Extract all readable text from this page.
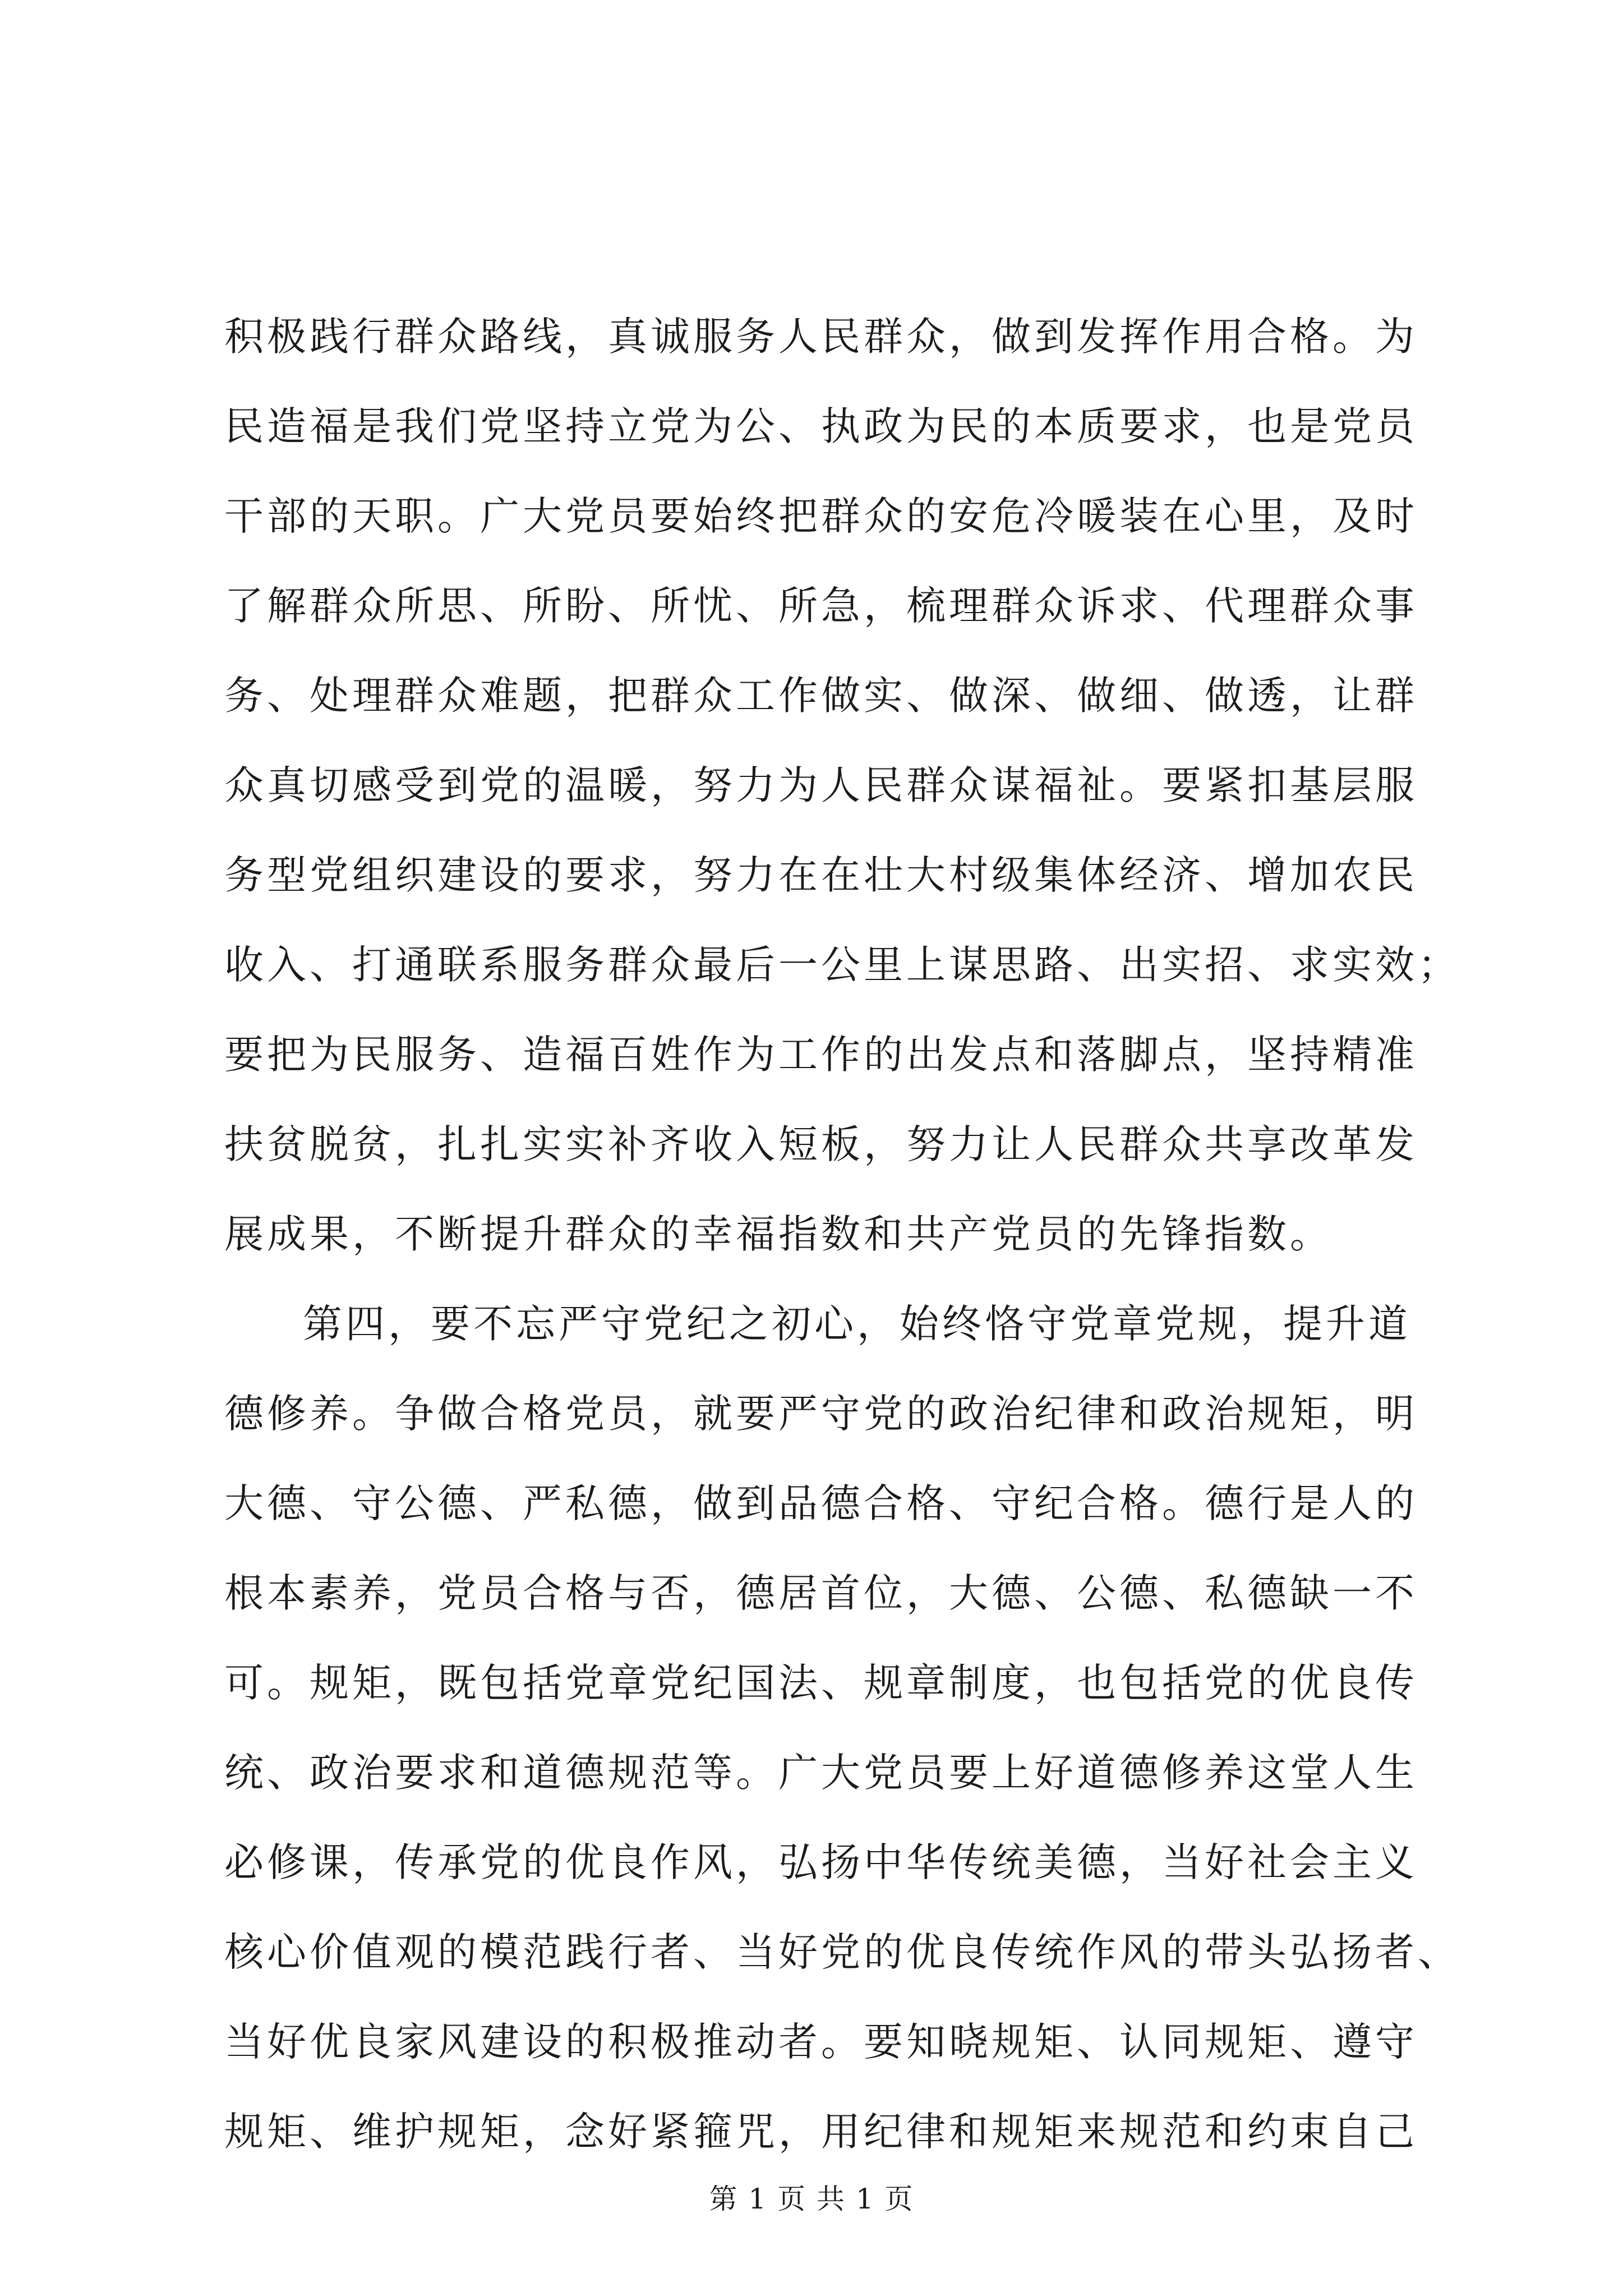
积极践行群众路线，真诚服务人民群众，做到发挥作用合格。为
民造福是我们党坚持立党为公、执政为民的本质要求，也是党员
干部的天职。广大党员要始终把群众的安危冷暖装在心里，及时
了解群众所思、所盼、所忧、所急，梳理群众诉求、代理群众事
务、处理群众难题，把群众工作做实、做深、做细、做透，让群
众真切感受到党的温暖，努力为人民群众谋福祉。要紧扣基层服
务型党组织建设的要求，努力在在壮大村级集体经济、增加农民
收入、打通联系服务群众最后一公里上谋思路、出实招、求实效；
要把为民服务、造福百姓作为工作的出发点和落脚点，坚持精准
扶贫脱贫，扎扎实实补齐收入短板，努力让人民群众共享改革发
展成果，不断提升群众的幸福指数和共产党员的先锋指数。
第四，要不忘严守党纪之初心，始终恪守党章党规，提升道
德修养。争做合格党员，就要严守党的政治纪律和政治规矩，明
大德、守公德、严私德，做到品德合格、守纪合格。德行是人的
根本素养，党员合格与否，德居首位，大德、公德、私德缺一不
可。规矩，既包括党章党纪国法、规章制度，也包括党的优良传
统、政治要求和道德规范等。广大党员要上好道德修养这堂人生
必修课，传承党的优良作风，弘扬中华传统美德，当好社会主义
核心价值观的模范践行者、当好党的优良传统作风的带头弘扬者、
当好优良家风建设的积极推动者。要知晓规矩、认同规矩、遵守
规矩、维护规矩，念好紧箍咒，用纪律和规矩来规范和约束自己
第 1 页 共 1 页
